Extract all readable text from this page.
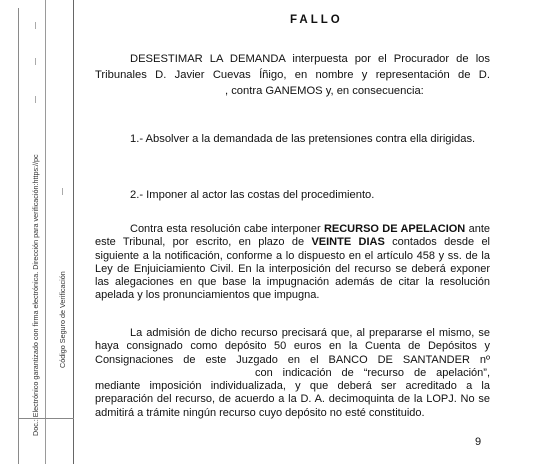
Doc.: Electrónico garantizado con firma electrónica. Dirección para verificación:https://pc	Código Seguro de Verificación
FALLO

DESESTIMAR LA DEMANDA interpuesta por el Procurador de los Tribunales D. Javier Cuevas Íñigo, en nombre y representación de D. , contra GANEMOS y, en consecuencia:

1.- Absolver a la demandada de las pretensiones contra ella dirigidas.

2.- Imponer al actor las costas del procedimiento.

Contra esta resolución cabe interponer RECURSO DE APELACION ante este Tribunal, por escrito, en plazo de VEINTE DIAS contados desde el siguiente a la notificación, conforme a lo dispuesto en el artículo 458 y ss. de la Ley de Enjuiciamiento Civil. En la interposición del recurso se deberá exponer las alegaciones en que base la impugnación además de citar la resolución apelada y los pronunciamientos que impugna.

La admisión de dicho recurso precisará que, al prepararse el mismo, se haya consignado como depósito 50 euros en la Cuenta de Depósitos y Consignaciones de este Juzgado en el BANCO DE SANTANDER nº  con indicación de “recurso de apelación”, mediante imposición individualizada, y que deberá ser acreditado a la preparación del recurso, de acuerdo a la D. A. decimoquinta de la LOPJ. No se admitirá a trámite ningún recurso cuyo depósito no esté constituido.

9
